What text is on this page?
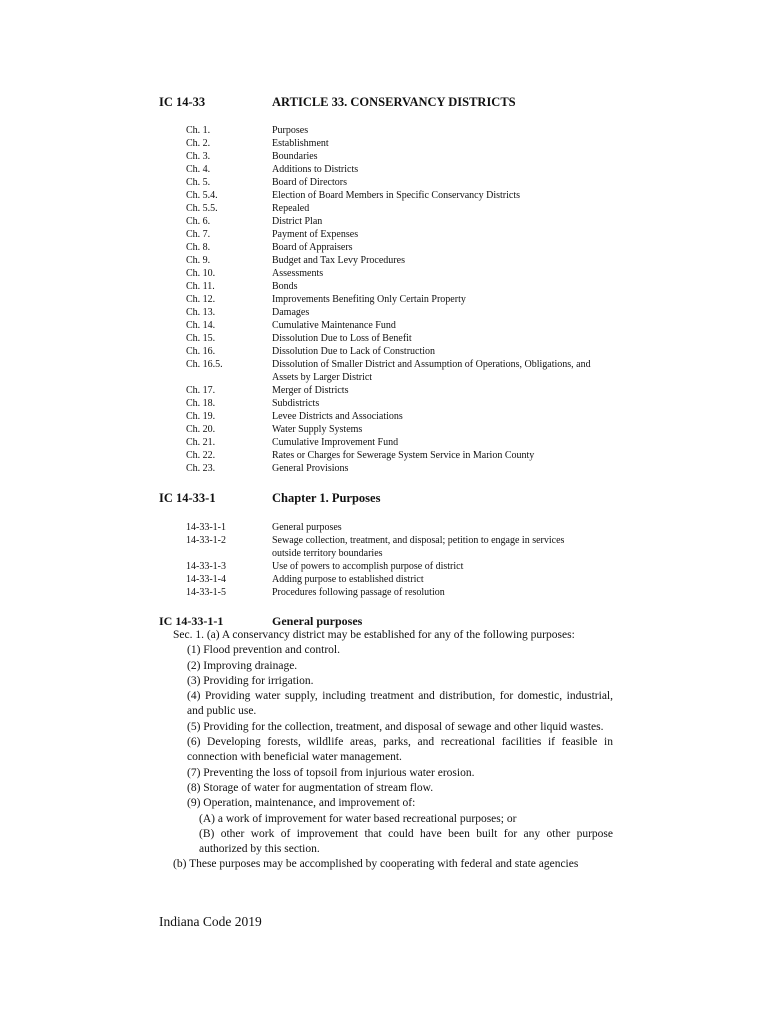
IC 14-33	ARTICLE 33. CONSERVANCY DISTRICTS
Ch. 1.	Purposes
Ch. 2.	Establishment
Ch. 3.	Boundaries
Ch. 4.	Additions to Districts
Ch. 5.	Board of Directors
Ch. 5.4.	Election of Board Members in Specific Conservancy Districts
Ch. 5.5.	Repealed
Ch. 6.	District Plan
Ch. 7.	Payment of Expenses
Ch. 8.	Board of Appraisers
Ch. 9.	Budget and Tax Levy Procedures
Ch. 10.	Assessments
Ch. 11.	Bonds
Ch. 12.	Improvements Benefiting Only Certain Property
Ch. 13.	Damages
Ch. 14.	Cumulative Maintenance Fund
Ch. 15.	Dissolution Due to Loss of Benefit
Ch. 16.	Dissolution Due to Lack of Construction
Ch. 16.5.	Dissolution of Smaller District and Assumption of Operations, Obligations, and Assets by Larger District
Ch. 17.	Merger of Districts
Ch. 18.	Subdistricts
Ch. 19.	Levee Districts and Associations
Ch. 20.	Water Supply Systems
Ch. 21.	Cumulative Improvement Fund
Ch. 22.	Rates or Charges for Sewerage System Service in Marion County
Ch. 23.	General Provisions
IC 14-33-1	Chapter 1. Purposes
14-33-1-1	General purposes
14-33-1-2	Sewage collection, treatment, and disposal; petition to engage in services outside territory boundaries
14-33-1-3	Use of powers to accomplish purpose of district
14-33-1-4	Adding purpose to established district
14-33-1-5	Procedures following passage of resolution
IC 14-33-1-1	General purposes

Sec. 1. (a) A conservancy district may be established for any of the following purposes:

(1) Flood prevention and control.

(2) Improving drainage.

(3) Providing for irrigation.

(4) Providing water supply, including treatment and distribution, for domestic, industrial, and public use.

(5) Providing for the collection, treatment, and disposal of sewage and other liquid wastes.

(6) Developing forests, wildlife areas, parks, and recreational facilities if feasible in connection with beneficial water management.

(7) Preventing the loss of topsoil from injurious water erosion.

(8) Storage of water for augmentation of stream flow.

(9) Operation, maintenance, and improvement of:

(A) a work of improvement for water based recreational purposes; or

(B) other work of improvement that could have been built for any other purpose authorized by this section.

(b) These purposes may be accomplished by cooperating with federal and state agencies

Indiana Code 2019
